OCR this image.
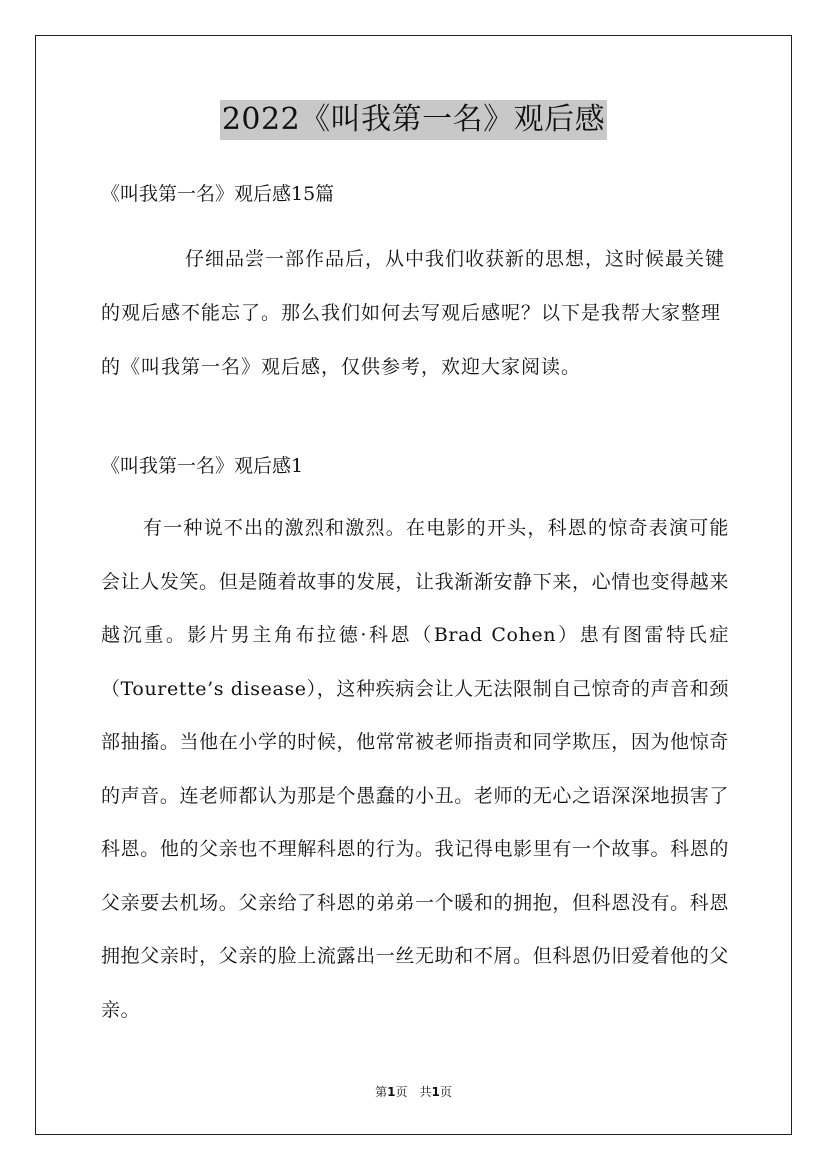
2022《叫我第一名》观后感

《叫我第一名》观后感15篇

仔细品尝一部作品后，从中我们收获新的思想，这时候最关键的观后感不能忘了。那么我们如何去写观后感呢？以下是我帮大家整理的《叫我第一名》观后感，仅供参考，欢迎大家阅读。

《叫我第一名》观后感1

有一种说不出的激烈和激烈。在电影的开头，科恩的惊奇表演可能会让人发笑。但是随着故事的发展，让我渐渐安静下来，心情也变得越来越沉重。影片男主角布拉德·科恩（Brad Cohen）患有图雷特氏症（Tourette’s disease），这种疾病会让人无法限制自己惊奇的声音和颈部抽搐。当他在小学的时候，他常常被老师指责和同学欺压，因为他惊奇的声音。连老师都认为那是个愚蠢的小丑。老师的无心之语深深地损害了科恩。他的父亲也不理解科恩的行为。我记得电影里有一个故事。科恩的父亲要去机场。父亲给了科恩的弟弟一个暖和的拥抱，但科恩没有。科恩拥抱父亲时，父亲的脸上流露出一丝无助和不屑。但科恩仍旧爱着他的父亲。

第1页 共1页
